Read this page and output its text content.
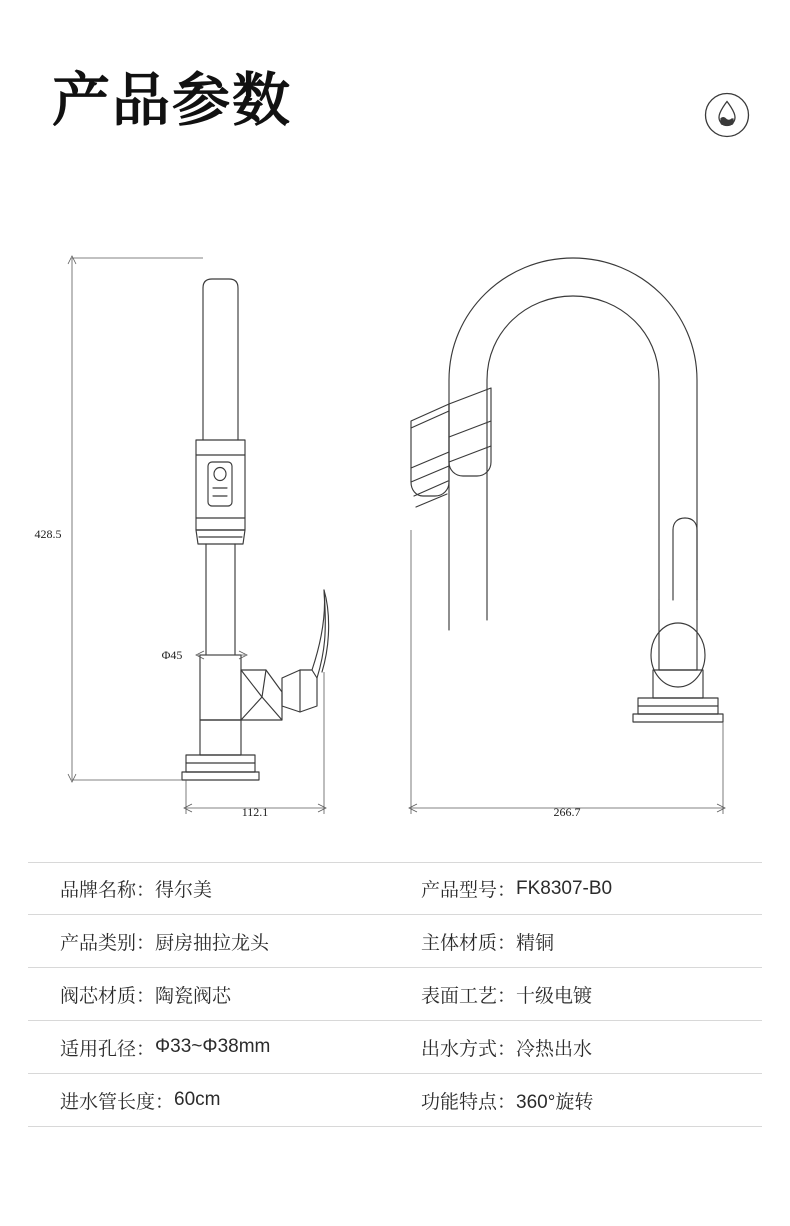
产品参数
428.5
Φ45
112.1	266.7
品牌名称： 得尔美	产品型号： FK8307-B0
产品类别： 厨房抽拉龙头	主体材质： 精铜
阀芯材质： 陶瓷阀芯	表面工艺： 十级电镀
适用孔径： Φ33~Φ38mm	出水方式： 冷热出水
进水管长度： 60cm	功能特点： 360°旋转
